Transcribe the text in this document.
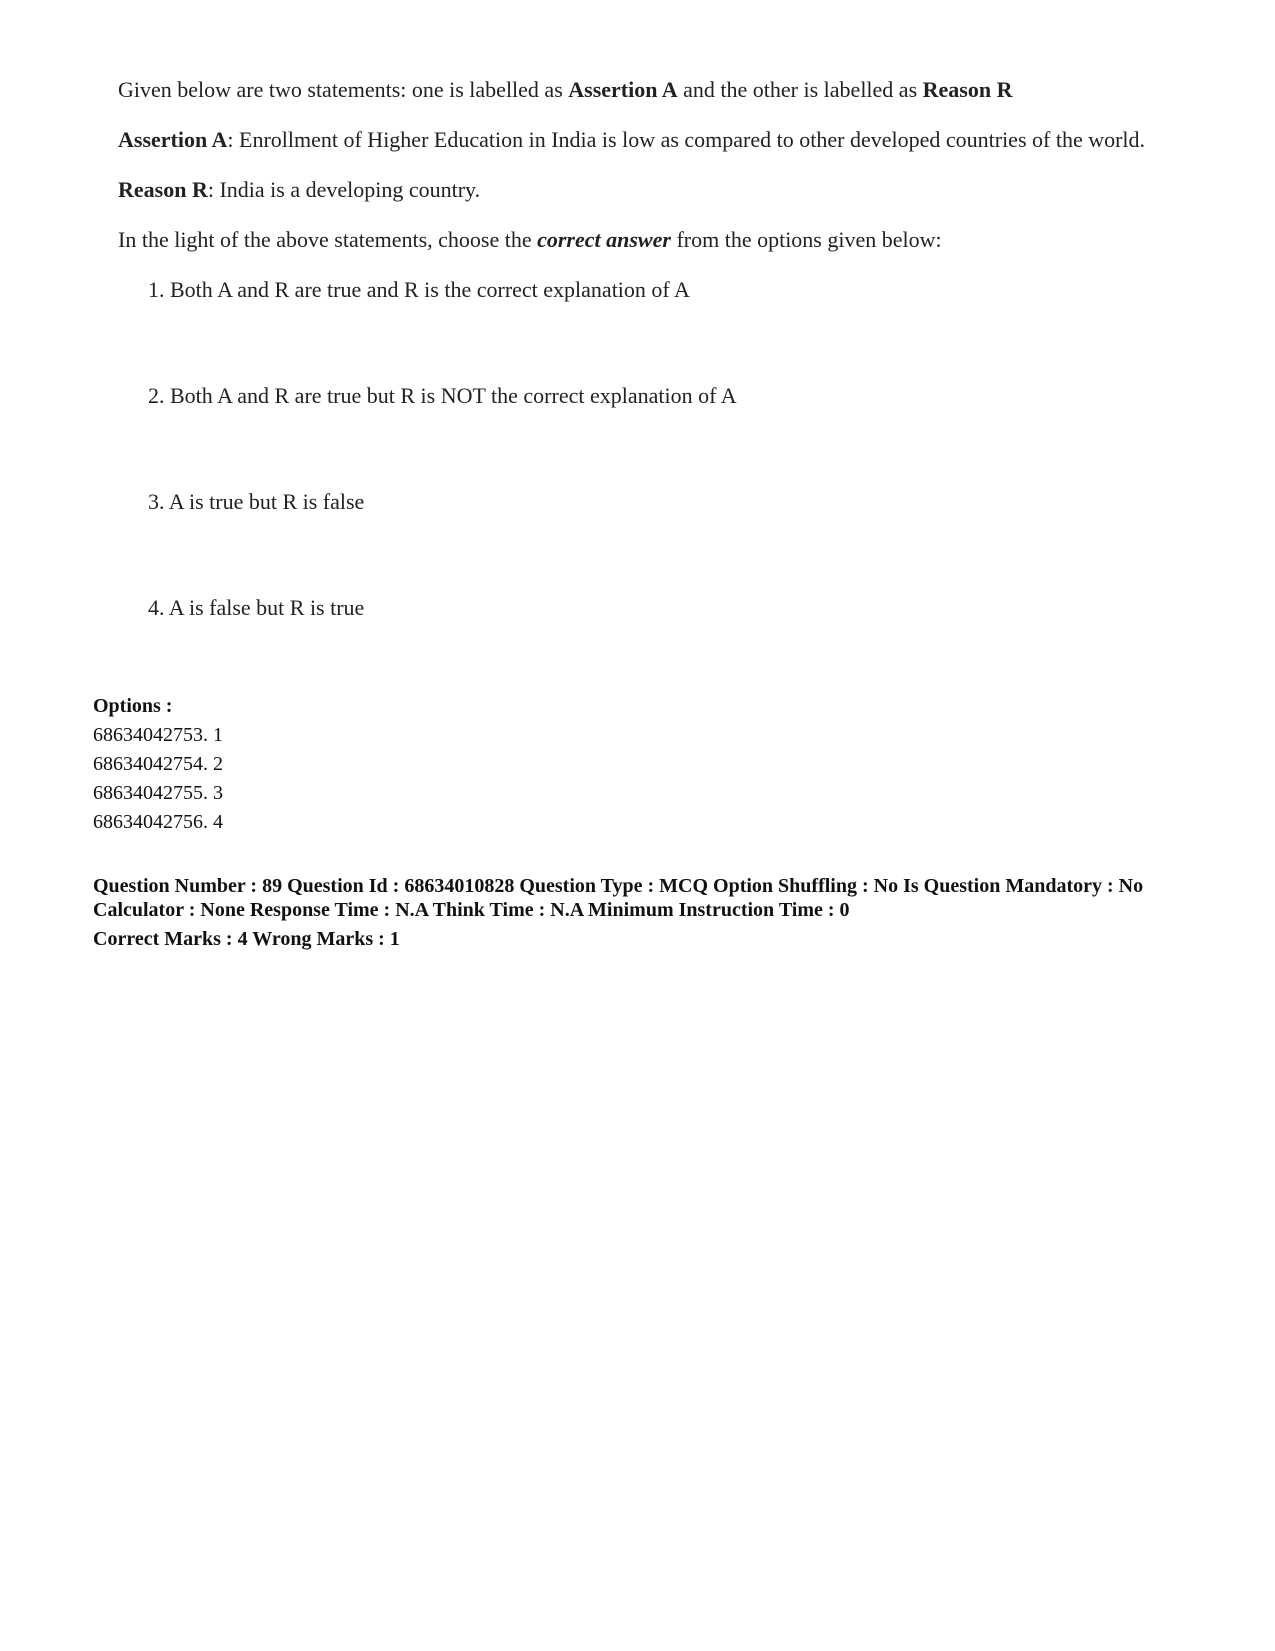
Given below are two statements: one is labelled as Assertion A and the other is labelled as Reason R

Assertion A: Enrollment of Higher Education in India is low as compared to other developed countries of the world.

Reason R: India is a developing country.

In the light of the above statements, choose the correct answer from the options given below:

1. Both A and R are true and R is the correct explanation of A
2. Both A and R are true but R is NOT the correct explanation of A
3. A is true but R is false
4. A is false but R is true
Options :
68634042753. 1
68634042754. 2
68634042755. 3
68634042756. 4
Question Number : 89 Question Id : 68634010828 Question Type : MCQ Option Shuffling : No Is Question Mandatory : No Calculator : None Response Time : N.A Think Time : N.A Minimum Instruction Time : 0
Correct Marks : 4 Wrong Marks : 1
